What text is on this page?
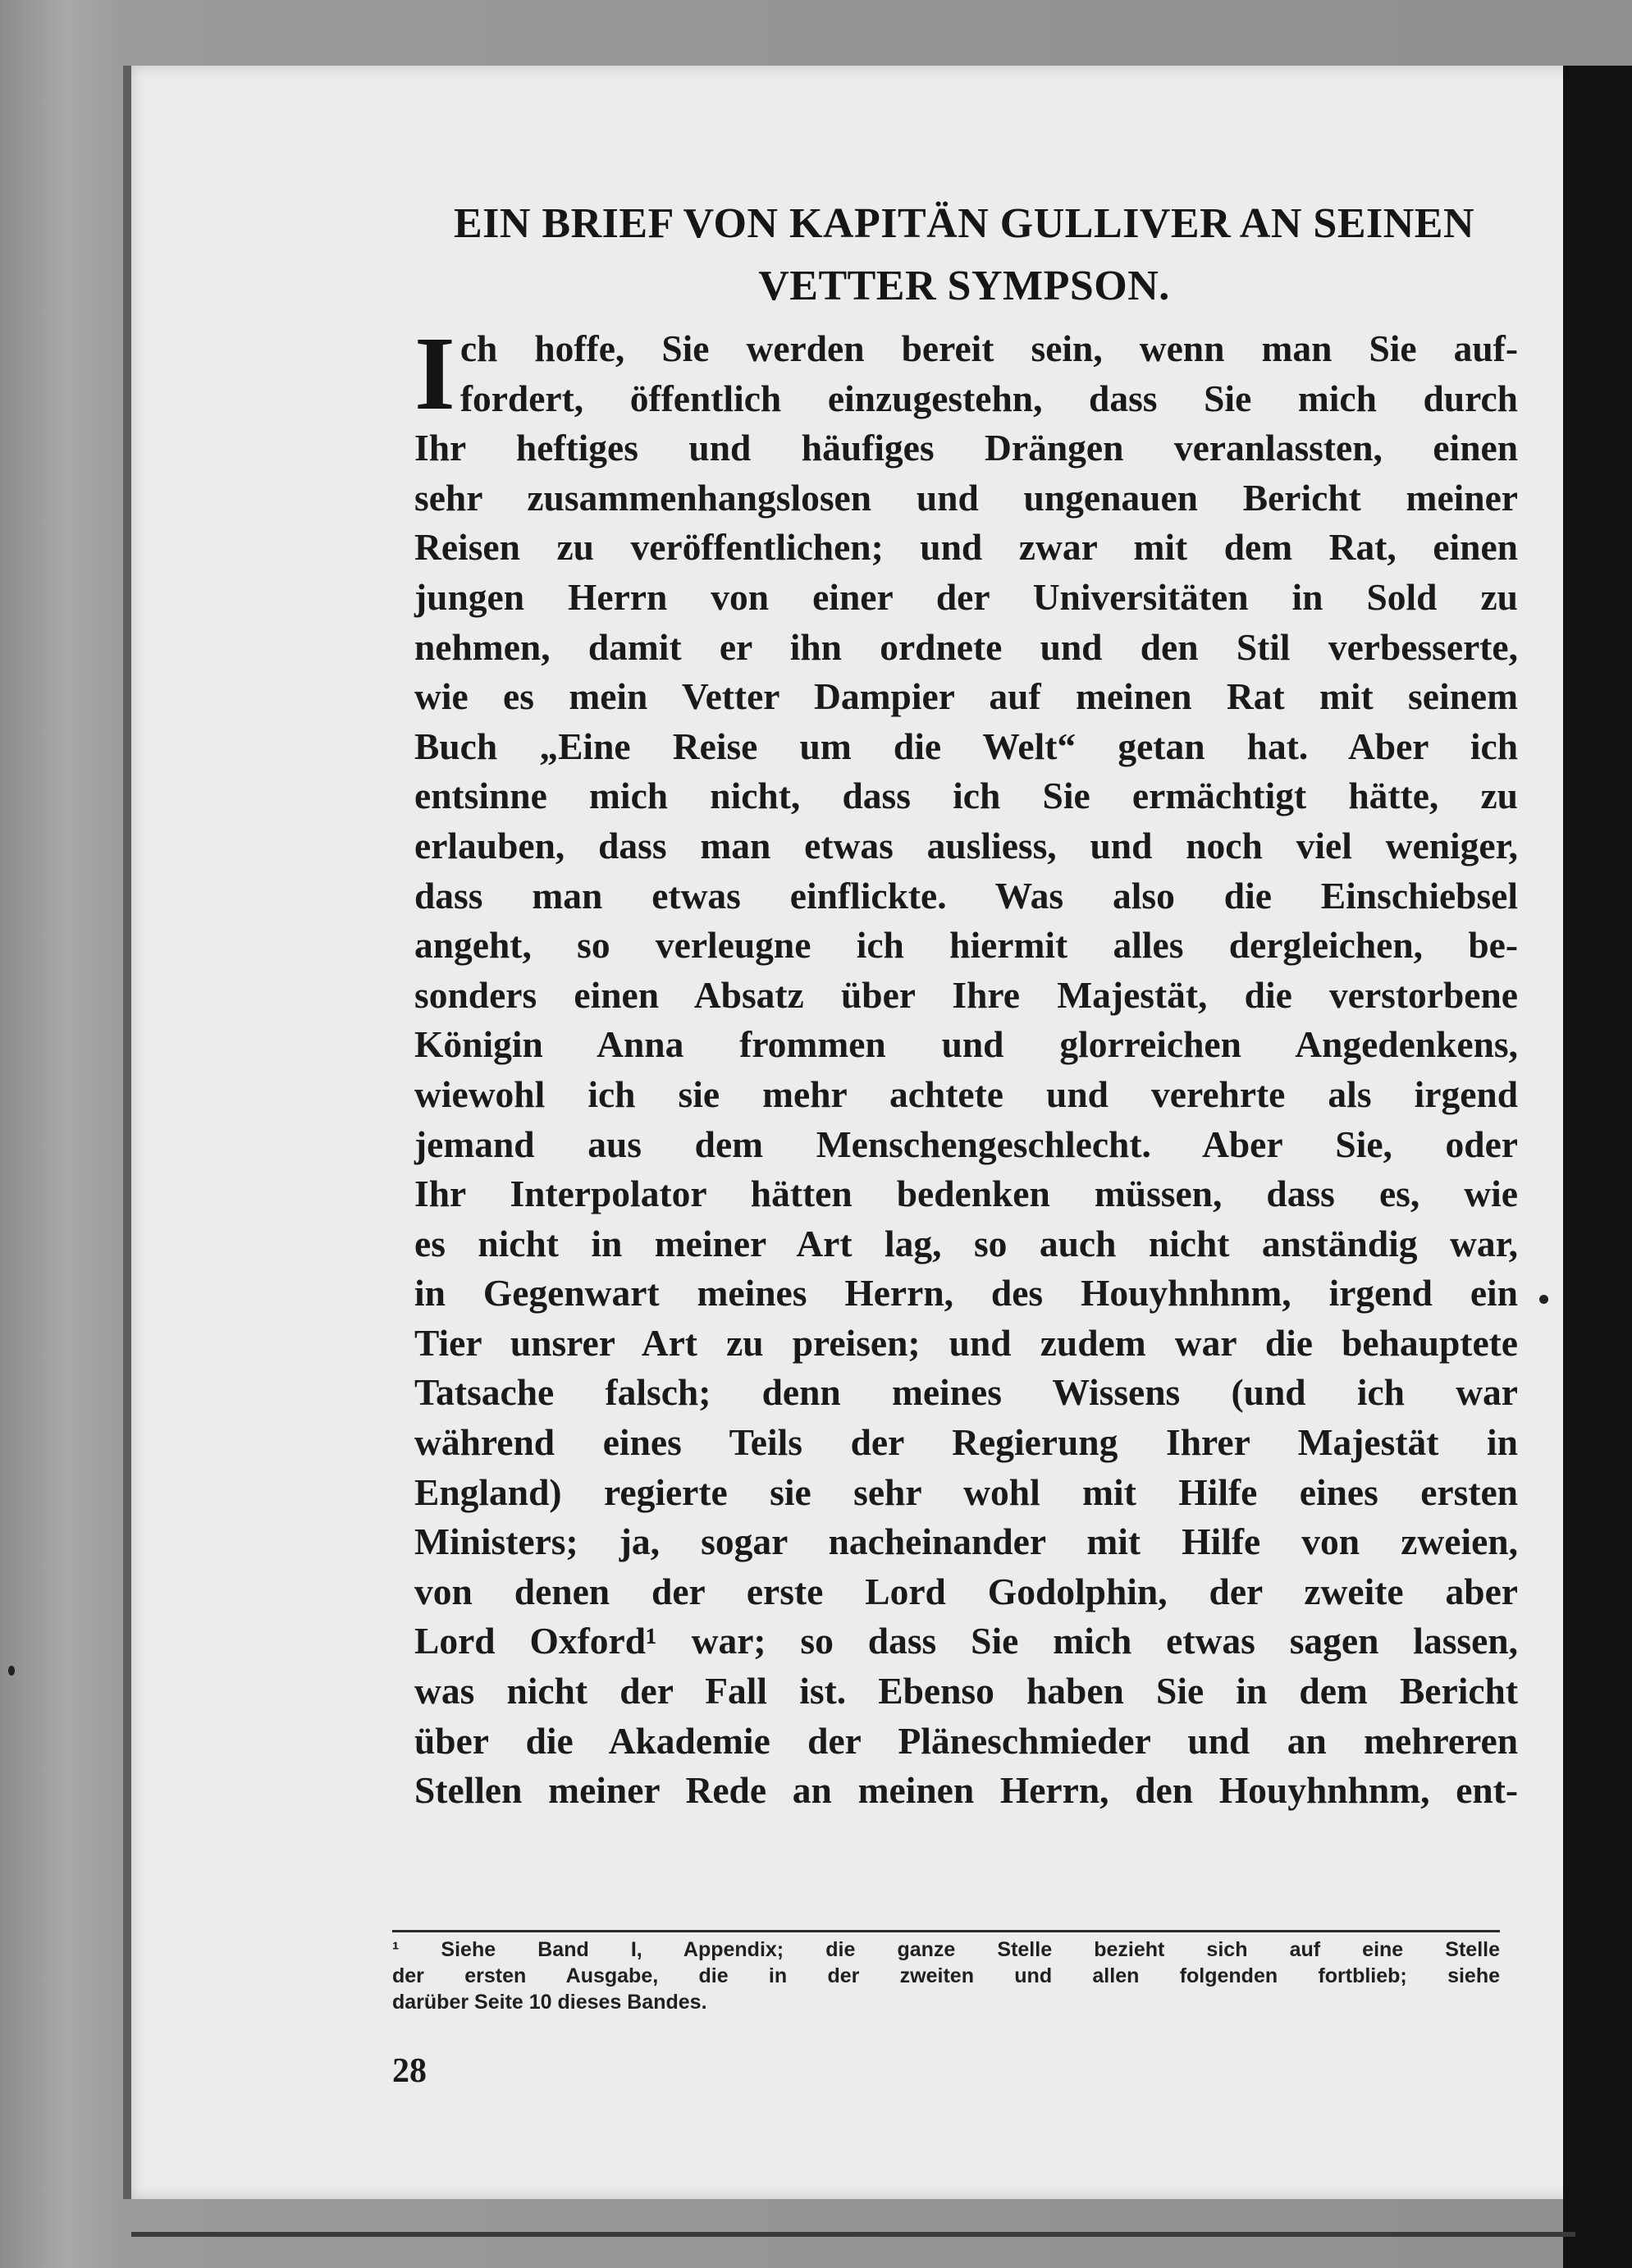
EIN BRIEF VON KAPITÄN GULLIVER AN SEINEN
VETTER SYMPSON.
I ch hoffe, Sie werden bereit sein, wenn man Sie auf-
fordert, öffentlich einzugestehn, dass Sie mich durch
Ihr heftiges und häufiges Drängen veranlassten, einen
sehr zusammenhangslosen und ungenauen Bericht meiner
Reisen zu veröffentlichen; und zwar mit dem Rat, einen
jungen Herrn von einer der Universitäten in Sold zu
nehmen, damit er ihn ordnete und den Stil verbesserte,
wie es mein Vetter Dampier auf meinen Rat mit seinem
Buch „Eine Reise um die Welt“ getan hat. Aber ich
entsinne mich nicht, dass ich Sie ermächtigt hätte, zu
erlauben, dass man etwas ausliess, und noch viel weniger,
dass man etwas einflickte. Was also die Einschiebsel
angeht, so verleugne ich hiermit alles dergleichen, be-
sonders einen Absatz über Ihre Majestät, die verstorbene
Königin Anna frommen und glorreichen Angedenkens,
wiewohl ich sie mehr achtete und verehrte als irgend
jemand aus dem Menschengeschlecht. Aber Sie, oder
Ihr Interpolator hätten bedenken müssen, dass es, wie
es nicht in meiner Art lag, so auch nicht anständig war,
in Gegenwart meines Herrn, des Houyhnhnm, irgend ein
Tier unsrer Art zu preisen; und zudem war die behauptete
Tatsache falsch; denn meines Wissens (und ich war
während eines Teils der Regierung Ihrer Majestät in
England) regierte sie sehr wohl mit Hilfe eines ersten
Ministers; ja, sogar nacheinander mit Hilfe von zweien,
von denen der erste Lord Godolphin, der zweite aber
Lord Oxford¹ war; so dass Sie mich etwas sagen lassen,
was nicht der Fall ist. Ebenso haben Sie in dem Bericht
über die Akademie der Pläneschmieder und an mehreren
Stellen meiner Rede an meinen Herrn, den Houyhnhnm, ent-
¹ Siehe Band I, Appendix; die ganze Stelle bezieht sich auf eine Stelle
der ersten Ausgabe, die in der zweiten und allen folgenden fortblieb; siehe
darüber Seite 10 dieses Bandes.
28
